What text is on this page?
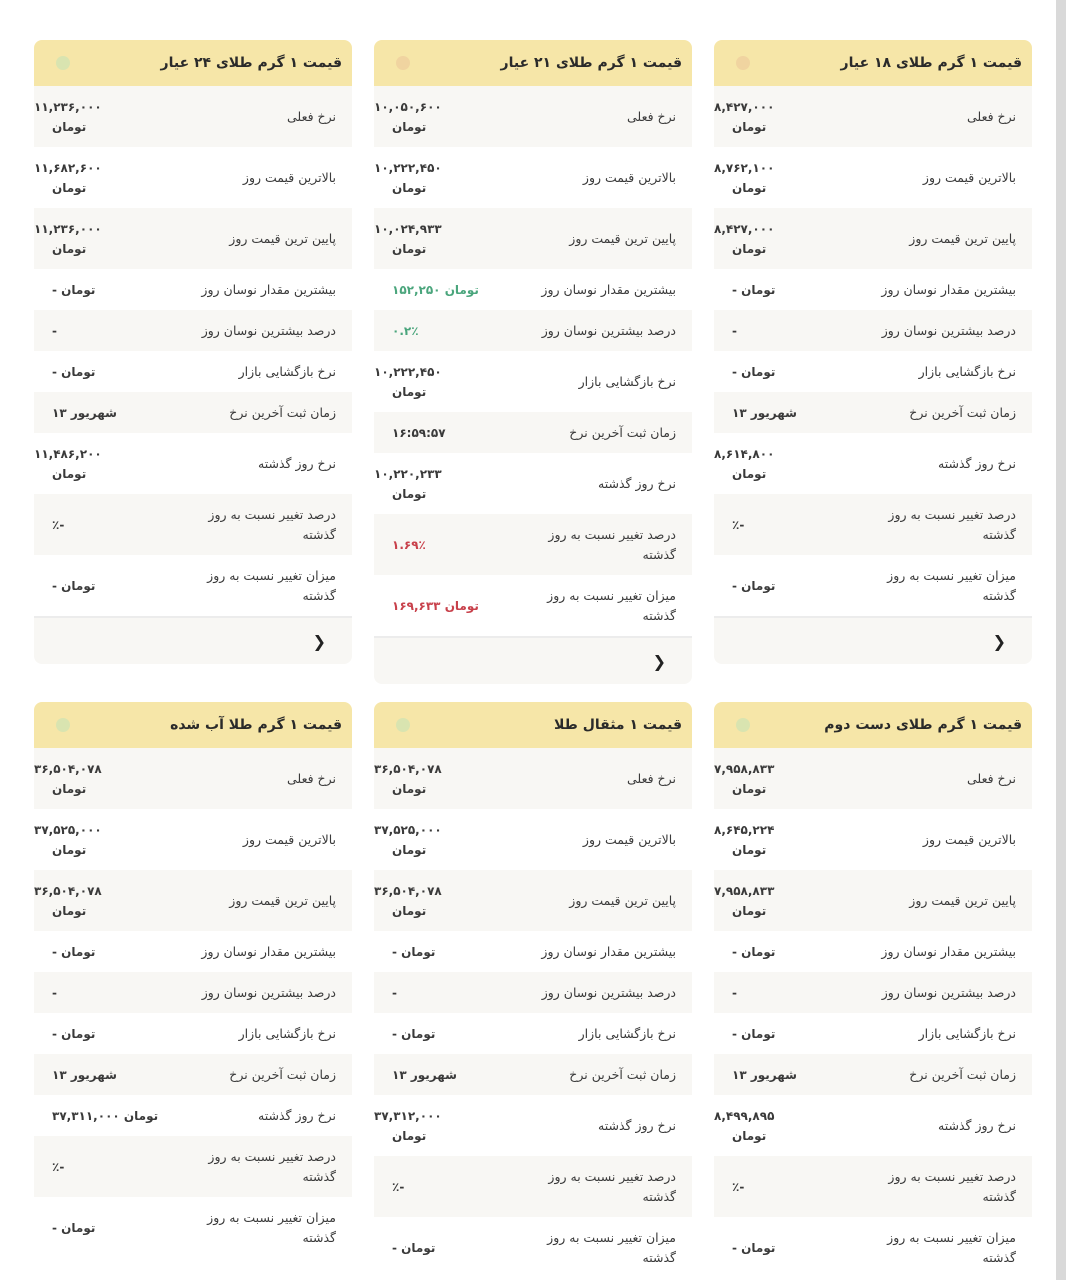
قیمت ۱ گرم طلای ۱۸ عیار
نرخ فعلی
۸,۴۲۷,۰۰۰
تومان
بالاترین قیمت روز
۸,۷۶۲,۱۰۰
تومان
پایین ترین قیمت روز
۸,۴۲۷,۰۰۰
تومان
بیشترین مقدار نوسان روز
- تومان
درصد بیشترین نوسان روز
-
نرخ بازگشایی بازار
- تومان
زمان ثبت آخرین نرخ
۱۳ شهریور
نرخ روز گذشته
۸,۶۱۴,۸۰۰
تومان
درصد تغییر نسبت به روز گذشته
٪-
میزان تغییر نسبت به روز گذشته
- تومان
❮
قیمت ۱ گرم طلای ۲۱ عیار
نرخ فعلی
۱۰,۰۵۰,۶۰۰
تومان
بالاترین قیمت روز
۱۰,۲۲۲,۴۵۰
تومان
پایین ترین قیمت روز
۱۰,۰۲۴,۹۳۳
تومان
بیشترین مقدار نوسان روز
۱۵۲,۲۵۰ تومان
درصد بیشترین نوسان روز
۰.۲٪
نرخ بازگشایی بازار
۱۰,۲۲۲,۴۵۰
تومان
زمان ثبت آخرین نرخ
۱۶:۵۹:۵۷
نرخ روز گذشته
۱۰,۲۲۰,۲۳۳
تومان
درصد تغییر نسبت به روز گذشته
۱.۶۹٪
میزان تغییر نسبت به روز گذشته
۱۶۹,۶۳۳ تومان
❮
قیمت ۱ گرم طلای ۲۴ عیار
نرخ فعلی
۱۱,۲۳۶,۰۰۰
تومان
بالاترین قیمت روز
۱۱,۶۸۲,۶۰۰
تومان
پایین ترین قیمت روز
۱۱,۲۳۶,۰۰۰
تومان
بیشترین مقدار نوسان روز
- تومان
درصد بیشترین نوسان روز
-
نرخ بازگشایی بازار
- تومان
زمان ثبت آخرین نرخ
۱۳ شهریور
نرخ روز گذشته
۱۱,۴۸۶,۲۰۰
تومان
درصد تغییر نسبت به روز گذشته
٪-
میزان تغییر نسبت به روز گذشته
- تومان
❮
قیمت ۱ گرم طلای دست دوم
نرخ فعلی
۷,۹۵۸,۸۳۳
تومان
بالاترین قیمت روز
۸,۶۴۵,۲۲۴
تومان
پایین ترین قیمت روز
۷,۹۵۸,۸۳۳
تومان
بیشترین مقدار نوسان روز
- تومان
درصد بیشترین نوسان روز
-
نرخ بازگشایی بازار
- تومان
زمان ثبت آخرین نرخ
۱۳ شهریور
نرخ روز گذشته
۸,۴۹۹,۸۹۵
تومان
درصد تغییر نسبت به روز گذشته
٪-
میزان تغییر نسبت به روز گذشته
- تومان
قیمت ۱ مثقال طلا
نرخ فعلی
۳۶,۵۰۴,۰۷۸
تومان
بالاترین قیمت روز
۳۷,۵۲۵,۰۰۰
تومان
پایین ترین قیمت روز
۳۶,۵۰۴,۰۷۸
تومان
بیشترین مقدار نوسان روز
- تومان
درصد بیشترین نوسان روز
-
نرخ بازگشایی بازار
- تومان
زمان ثبت آخرین نرخ
۱۳ شهریور
نرخ روز گذشته
۳۷,۳۱۲,۰۰۰
تومان
درصد تغییر نسبت به روز گذشته
٪-
میزان تغییر نسبت به روز گذشته
- تومان
قیمت ۱ گرم طلا آب شده
نرخ فعلی
۳۶,۵۰۴,۰۷۸
تومان
بالاترین قیمت روز
۳۷,۵۲۵,۰۰۰
تومان
پایین ترین قیمت روز
۳۶,۵۰۴,۰۷۸
تومان
بیشترین مقدار نوسان روز
- تومان
درصد بیشترین نوسان روز
-
نرخ بازگشایی بازار
- تومان
زمان ثبت آخرین نرخ
۱۳ شهریور
نرخ روز گذشته
۳۷,۳۱۱,۰۰۰ تومان
درصد تغییر نسبت به روز گذشته
٪-
میزان تغییر نسبت به روز گذشته
- تومان
